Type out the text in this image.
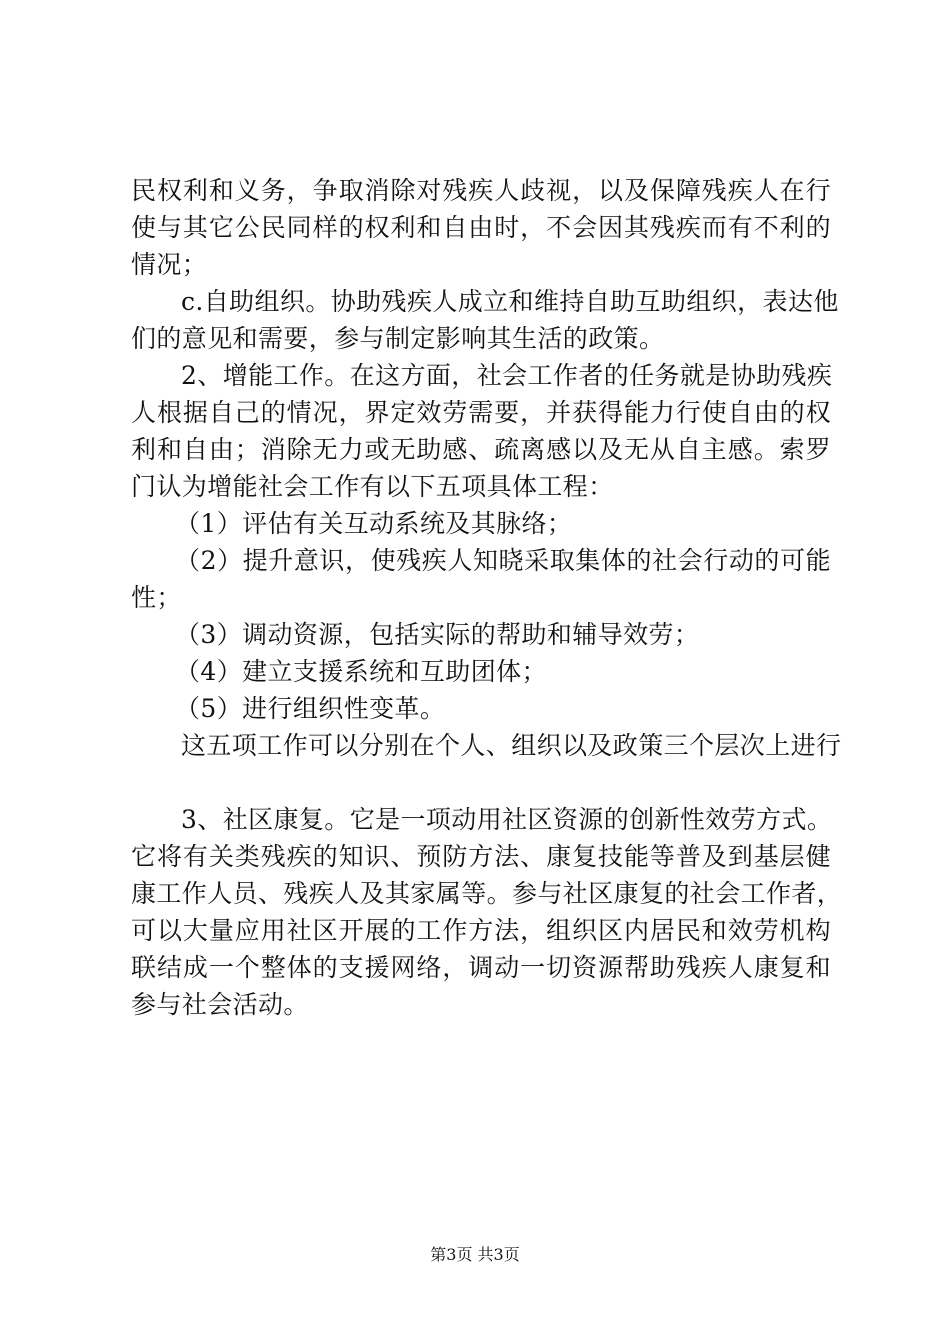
民权利和义务，争取消除对残疾人歧视，以及保障残疾人在行
使与其它公民同样的权利和自由时，不会因其残疾而有不利的
情况；
c.自助组织。协助残疾人成立和维持自助互助组织，表达他
们的意见和需要，参与制定影响其生活的政策。
2、增能工作。在这方面，社会工作者的任务就是协助残疾
人根据自己的情况，界定效劳需要，并获得能力行使自由的权
利和自由；消除无力或无助感、疏离感以及无从自主感。索罗
门认为增能社会工作有以下五项具体工程：
（1）评估有关互动系统及其脉络；
（2）提升意识，使残疾人知晓采取集体的社会行动的可能
性；
（3）调动资源，包括实际的帮助和辅导效劳；
（4）建立支援系统和互助团体；
（5）进行组织性变革。
这五项工作可以分别在个人、组织以及政策三个层次上进行
3、社区康复。它是一项动用社区资源的创新性效劳方式。
它将有关类残疾的知识、预防方法、康复技能等普及到基层健
康工作人员、残疾人及其家属等。参与社区康复的社会工作者，
可以大量应用社区开展的工作方法，组织区内居民和效劳机构
联结成一个整体的支援网络，调动一切资源帮助残疾人康复和
参与社会活动。
第3页 共3页
